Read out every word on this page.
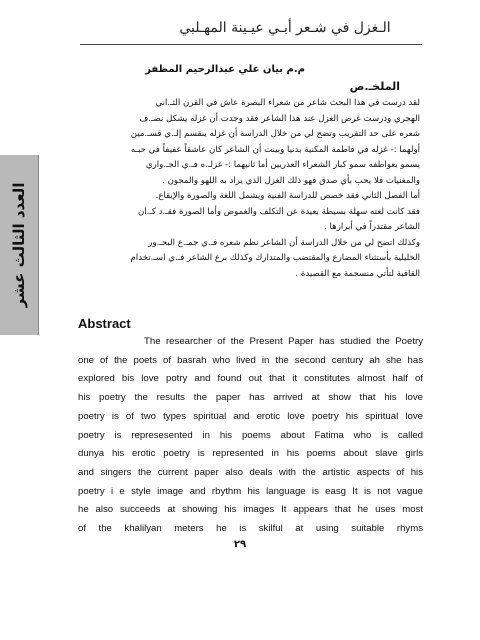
الـغزل في شـعر أبـي عيـينة المهـلبي
م.م بيان علي عبدالرحيم المظفر
العدد الثالث عشر
الملخـ.ص

لقد درست في هذا البحث شاعر من شعراء البصرة عاش في القرن الثـ.اني

الهجري ودرست غرض الغزل عند هذا الشاعر فقد وجدت أن غزله يشكل نصـ.ف

شعره على حد التقريب وتضح لي من خلال الدراسة أن غزله ينقسم إلـ.ي قسـ.مين

أولهما :- غزله في فاطمة المكنية بدنيا وبينت أن الشاعر كان عاشقاً عفيفاً في حبـه

يسمو بعواطفه سمو كبار الشعراء العذريين أما ثانيهما :- غزلـ.ه فـ.ي الجـ.واري

والمغنيات فلا يحب بأي صدق فهو ذلك الغزل الذي يراد به اللهو والمجون .

أما الفصل الثاني فقد خصص للدراسة الفنية ويشمل اللغة والصورة والإيقاع.

فقد كانت لغته سهلة بسيطة بعيدة عن التكلف والغموض وأما الصورة فقـ.د كـ.ان

الشاعر مقتدراً في أبرازها .

وكذلك اتضح لي من خلال الدراسة أن الشاعر نظم شعره فـ.ي جمـ.ع البحـ.ور

الخليلية بأستثناء المضارع والمقتضب والمتدارك وكذلك برع الشاعر فـ.ي اسـ.تخدام

القافية لتأتي منسجمة مع القصيدة .

Abstract

The researcher of the Present Paper has studied the Poetry

one of the poets of basrah who lived in the second century ah she has

explored bis love potry and found out that it constitutes almost half of

his poetry the results the paper has arrived at show that his love

poetry is of two types spiritual and erotic love poetry his spiritual love

poetry is represesented in his poems about Fatima who is called

dunya his erotic poetry is represented in his poems about slave girls

and singers the current paper also deals with the artistic aspects of his

poetry i e style image and rbythm his language is easg It is not vague

he also succeeds at showing his images It appears that he uses most

of the khalilyan meters he is skilful at using suitable rhyms

٢٩
